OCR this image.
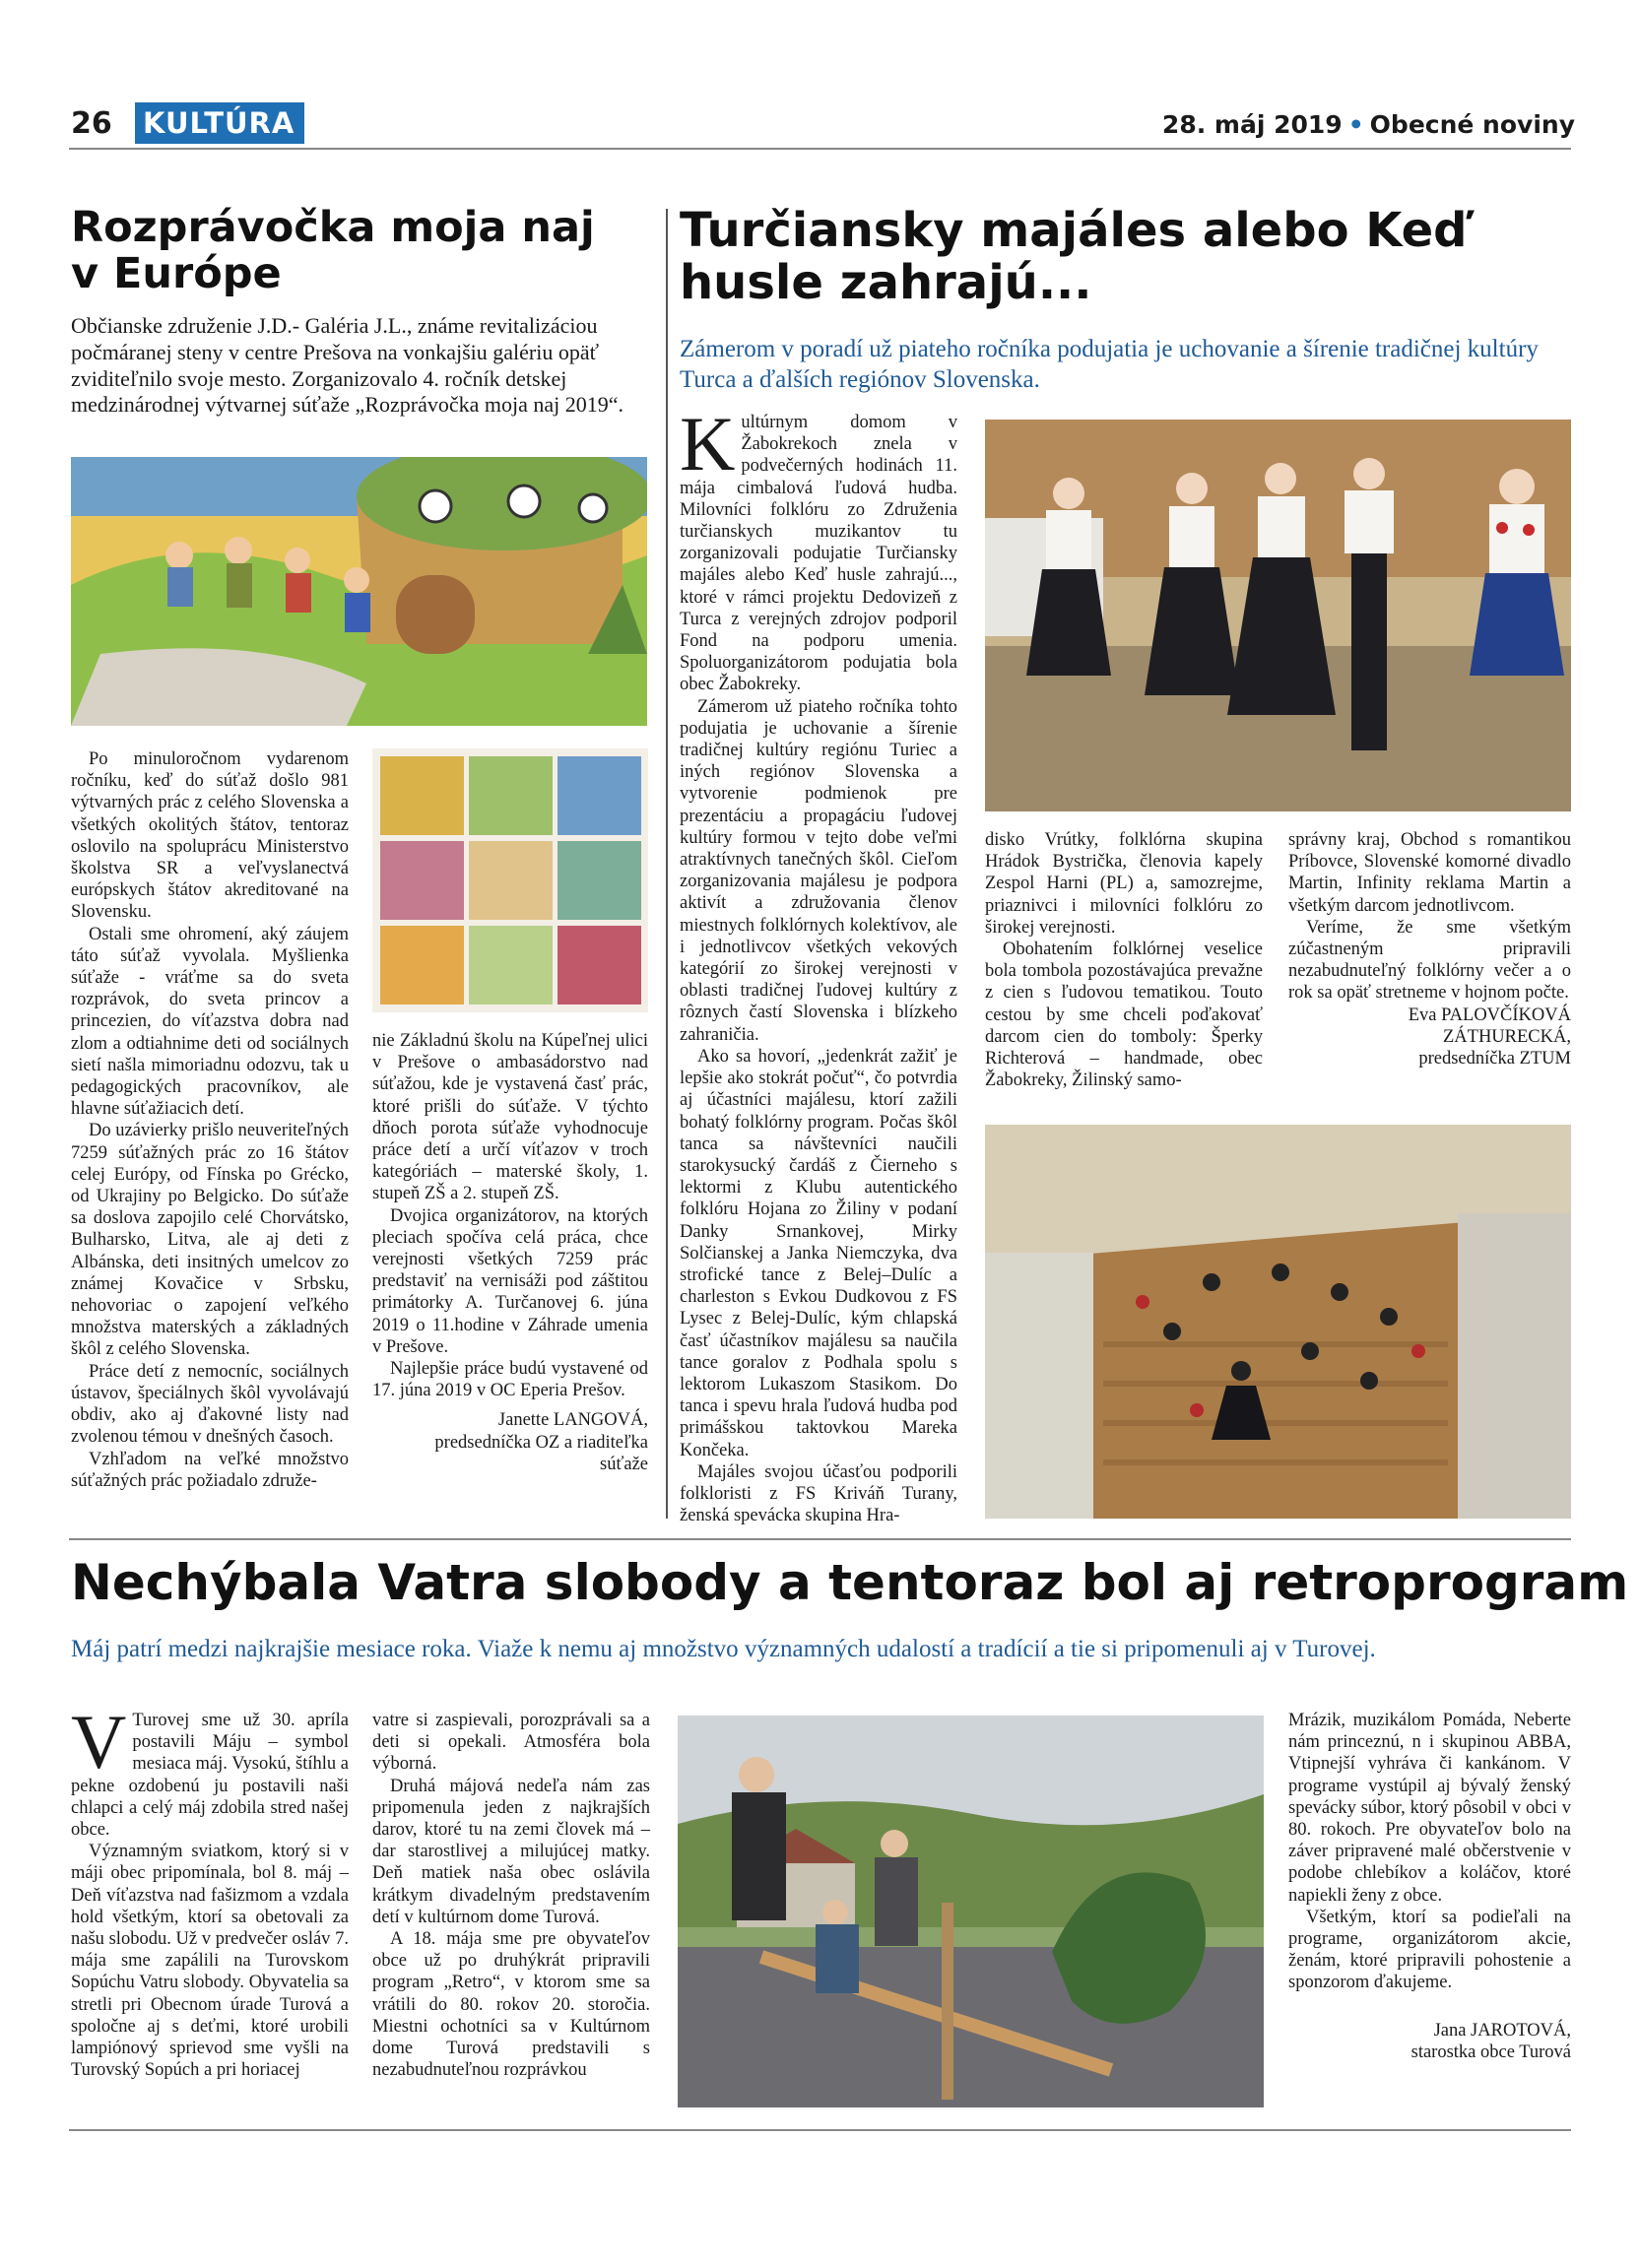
26 KULTÚRA	28. máj 2019 • Obecné noviny
Rozprávočka moja naj
v Európe
Občianske združenie J.D.- Galéria J.L., známe revitalizáciou počmáranej steny v centre Prešova na vonkajšiu galériu opäť zviditeľnilo svoje mesto. Zorganizovalo 4. ročník detskej medzinárodnej výtvarnej súťaže „Rozprávočka moja naj 2019“.

Po minuloročnom vydarenom ročníku, keď do súťaž došlo 981 výtvarných prác z celého Slovenska a všetkých okolitých štátov, tentoraz oslovilo na spoluprácu Ministerstvo školstva SR a veľvyslanectvá európskych štátov akreditované na Slovensku.

Ostali sme ohromení, aký záujem táto súťaž vyvolala. Myšlienka súťaže - vráťme sa do sveta rozprávok, do sveta princov a princezien, do víťazstva dobra nad zlom a odtiahnime deti od sociálnych sietí našla mimoriadnu odozvu, tak u pedagogických pracovníkov, ale hlavne súťažiacich detí.

Do uzávierky prišlo neuveriteľných 7259 súťažných prác zo 16 štátov celej Európy, od Fínska po Grécko, od Ukrajiny po Belgicko. Do súťaže sa doslova zapojilo celé Chorvátsko, Bulharsko, Litva, ale aj deti z Albánska, deti insitných umelcov zo známej Kovačice v Srbsku, nehovoriac o zapojení veľkého množstva materských a základných škôl z celého Slovenska.

Práce detí z nemocníc, sociálnych ústavov, špeciálnych škôl vyvolávajú obdiv, ako aj ďakovné listy nad zvolenou témou v dnešných časoch.

Vzhľadom na veľké množstvo súťažných prác požiadalo združe-

nie Základnú školu na Kúpeľnej ulici v Prešove o ambasádorstvo nad súťažou, kde je vystavená časť prác, ktoré prišli do súťaže. V týchto dňoch porota súťaže vyhodnocuje práce detí a určí víťazov v troch kategóriách – materské školy, 1. stupeň ZŠ a 2. stupeň ZŠ.

Dvojica organizátorov, na ktorých pleciach spočíva celá práca, chce verejnosti všetkých 7259 prác predstaviť na vernisáži pod záštitou primátorky A. Turčanovej 6. júna 2019 o 11.hodine v Záhrade umenia v Prešove.

Najlepšie práce budú vystavené od 17. júna 2019 v OC Eperia Prešov.

Janette LANGOVÁ,

predsedníčka OZ a riaditeľka

súťaže

Turčiansky majáles alebo Keď
husle zahrajú...
Zámerom v poradí už piateho ročníka podujatia je uchovanie a šírenie tradičnej kultúry Turca a ďalších regiónov Slovenska.

Kultúrnym domom v Žabokrekoch znela v podvečerných hodinách 11. mája cimbalová ľudová hudba. Milovníci folklóru zo Združenia turčianskych muzikantov tu zorganizovali podujatie Turčiansky majáles alebo Keď husle zahrajú..., ktoré v rámci projektu Dedovizeň z Turca z verejných zdrojov podporil Fond na podporu umenia. Spoluorganizátorom podujatia bola obec Žabokreky.

Zámerom už piateho ročníka tohto podujatia je uchovanie a šírenie tradičnej kultúry regiónu Turiec a iných regiónov Slovenska a vytvorenie podmienok pre prezentáciu a propagáciu ľudovej kultúry formou v tejto dobe veľmi atraktívnych tanečných škôl. Cieľom zorganizovania majálesu je podpora aktivít a združovania členov miestnych folklórnych kolektívov, ale i jednotlivcov všetkých vekových kategórií zo širokej verejnosti v oblasti tradičnej ľudovej kultúry z rôznych častí Slovenska i blízkeho zahraničia.

Ako sa hovorí, „jedenkrát zažiť je lepšie ako stokrát počuť“, čo potvrdia aj účastníci majálesu, ktorí zažili bohatý folklórny program. Počas škôl tanca sa návštevníci naučili starokysucký čardáš z Čierneho s lektormi z Klubu autentického folklóru Hojana zo Žiliny v podaní Danky Srnankovej, Mirky Solčianskej a Janka Niemczyka, dva strofické tance z Belej–Dulíc a charleston s Evkou Dudkovou z FS Lysec z Belej-Dulíc, kým chlapská časť účastníkov majálesu sa naučila tance goralov z Podhala spolu s lektorom Lukaszom Stasikom. Do tanca i spevu hrala ľudová hudba pod primášskou taktovkou Mareka Končeka.

Majáles svojou účasťou podporili folkloristi z FS Kriváň Turany, ženská spevácka skupina Hra-

disko Vrútky, folklórna skupina Hrádok Bystrička, členovia kapely Zespol Harni (PL) a, samozrejme, priaznivci i milovníci folklóru zo širokej verejnosti.

Obohatením folklórnej veselice bola tombola pozostávajúca prevažne z cien s ľudovou tematikou. Touto cestou by sme chceli poďakovať darcom cien do tomboly: Šperky Richterová – handmade, obec Žabokreky, Žilinský samo-

správny kraj, Obchod s romantikou Príbovce, Slovenské komorné divadlo Martin, Infinity reklama Martin a všetkým darcom jednotlivcom.

Veríme, že sme všetkým zúčastneným pripravili nezabudnuteľný folklórny večer a o rok sa opäť stretneme v hojnom počte.

Eva PALOVČÍKOVÁ

ZÁTHURECKÁ,

predsedníčka ZTUM

Nechýbala Vatra slobody a tentoraz bol aj retroprogram
Máj patrí medzi najkrajšie mesiace roka. Viaže k nemu aj množstvo významných udalostí a tradícií a tie si pripomenuli aj v Turovej.

V Turovej sme už 30. apríla postavili Máju – symbol mesiaca máj. Vysokú, štíhlu a pekne ozdobenú ju postavili naši chlapci a celý máj zdobila stred našej obce.

Významným sviatkom, ktorý si v máji obec pripomínala, bol 8. máj – Deň víťazstva nad fašizmom a vzdala hold všetkým, ktorí sa obetovali za našu slobodu. Už v predvečer osláv 7. mája sme zapálili na Turovskom Sopúchu Vatru slobody. Obyvatelia sa stretli pri Obecnom úrade Turová a spoločne aj s deťmi, ktoré urobili lampiónový sprievod sme vyšli na Turovský Sopúch a pri horiacej

vatre si zaspievali, porozprávali sa a deti si opekali. Atmosféra bola výborná.

Druhá májová nedeľa nám zas pripomenula jeden z najkrajších darov, ktoré tu na zemi človek má – dar starostlivej a milujúcej matky. Deň matiek naša obec oslávila krátkym divadelným predstavením detí v kultúrnom dome Turová.

A 18. mája sme pre obyvateľov obce už po druhýkrát pripravili program „Retro“, v ktorom sme sa vrátili do 80. rokov 20. storočia. Miestni ochotníci sa v Kultúrnom dome Turová predstavili s nezabudnuteľnou rozprávkou

Mrázik, muzikálom Pomáda, Neberte nám princeznú, n i skupinou ABBA, Vtipnejší vyhráva či kankánom. V programe vystúpil aj bývalý ženský spevácky súbor, ktorý pôsobil v obci v 80. rokoch. Pre obyvateľov bolo na záver pripravené malé občerstvenie v podobe chlebíkov a koláčov, ktoré napiekli ženy z obce.

Všetkým, ktorí sa podieľali na programe, organizátorom akcie, ženám, ktoré pripravili pohostenie a sponzorom ďakujeme.

Jana JAROTOVÁ,

starostka obce Turová
